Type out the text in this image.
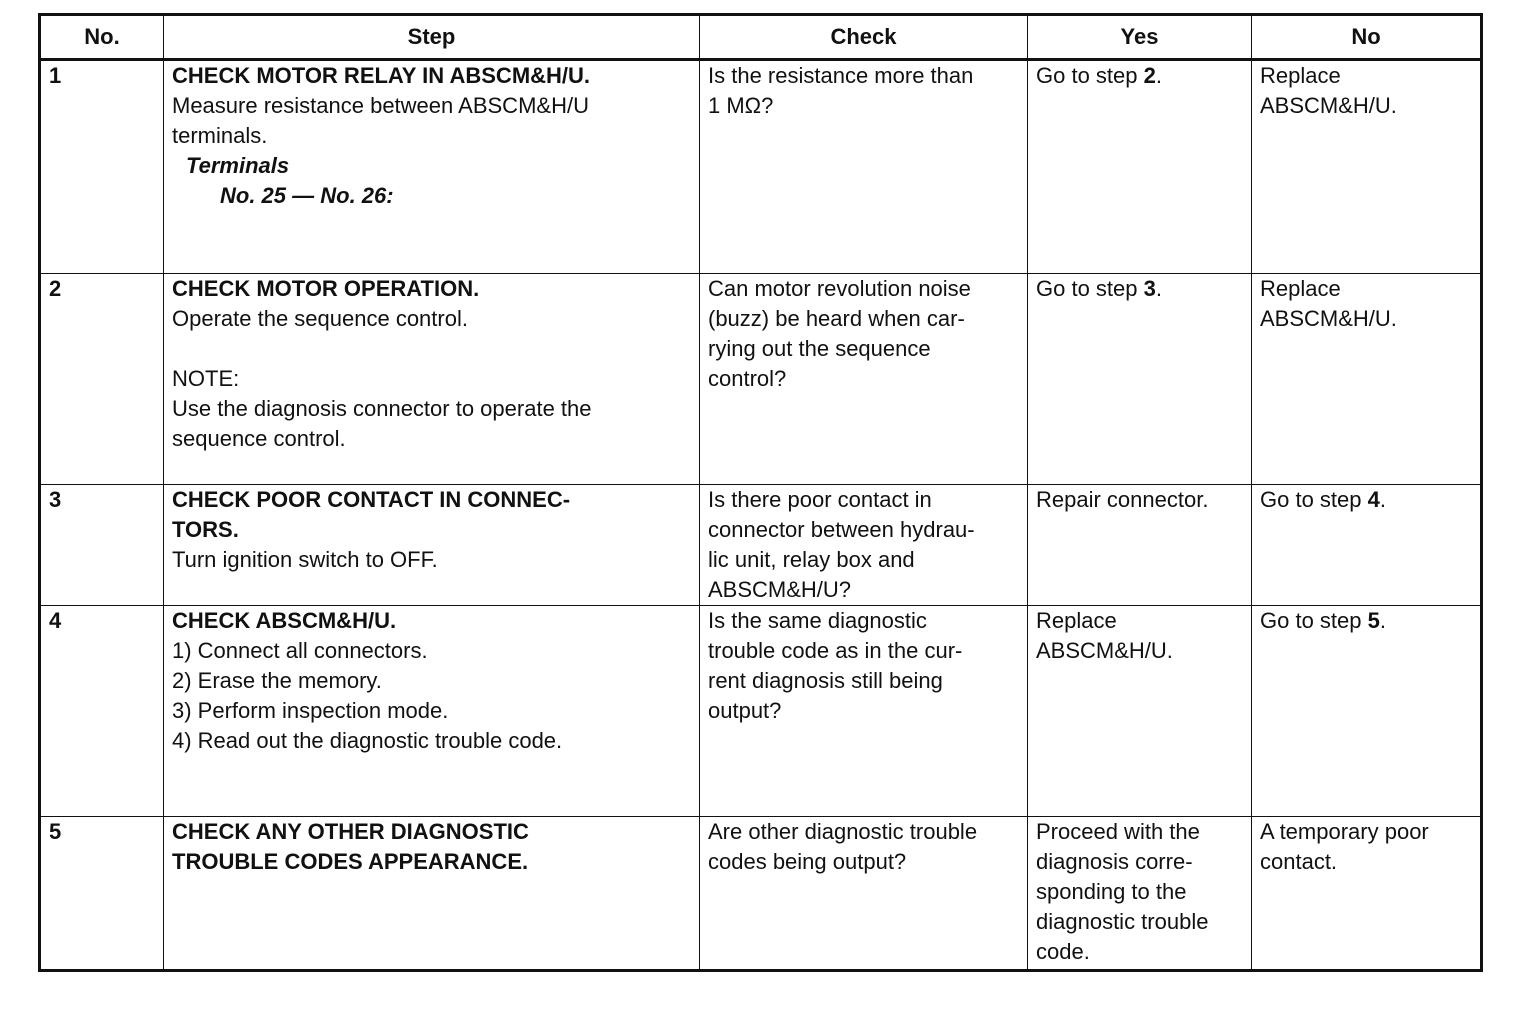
No.	Step	Check	Yes	No
1	CHECK MOTOR RELAY IN ABSCM&H/U.
Measure resistance between ABSCM&H/U
terminals.
Terminals
No. 25 — No. 26:	Is the resistance more than
1 MΩ?	Go to step 2.	Replace
ABSCM&H/U.

2	CHECK MOTOR OPERATION.
Operate the sequence control.
NOTE:
Use the diagnosis connector to operate the
sequence control.	Can motor revolution noise
(buzz) be heard when car-
rying out the sequence
control?	Go to step 3.	Replace
ABSCM&H/U.

3	CHECK POOR CONTACT IN CONNEC-
TORS.
Turn ignition switch to OFF.	Is there poor contact in
connector between hydrau-
lic unit, relay box and
ABSCM&H/U?	Repair connector.	Go to step 4.
4	CHECK ABSCM&H/U.
1) Connect all connectors.
2) Erase the memory.
3) Perform inspection mode.
4) Read out the diagnostic trouble code.	Is the same diagnostic
trouble code as in the cur-
rent diagnosis still being
output?	Replace
ABSCM&H/U.	Go to step 5.
5	CHECK ANY OTHER DIAGNOSTIC
TROUBLE CODES APPEARANCE.	Are other diagnostic trouble
codes being output?	Proceed with the
diagnosis corre-
sponding to the
diagnostic trouble
code.	A temporary poor
contact.
